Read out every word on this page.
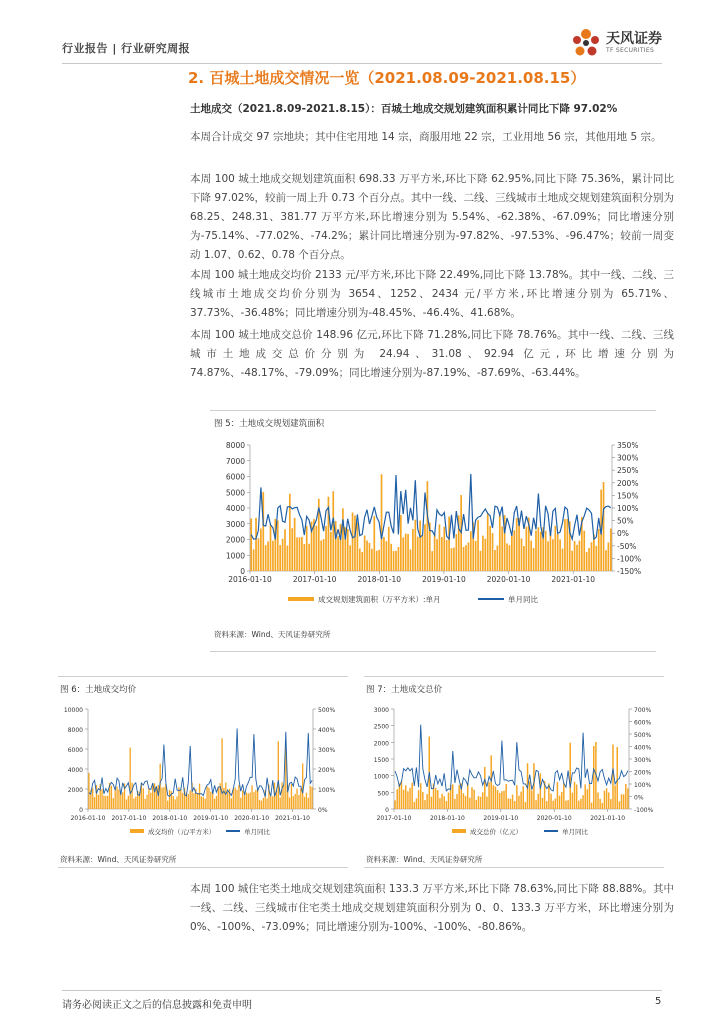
行业报告 | 行业研究周报
天风证券
TF SECURITIES
2. 百城土地成交情况一览（2021.08.09-2021.08.15）
土地成交（2021.8.09-2021.8.15）：百城土地成交规划建筑面积累计同比下降 97.02%
本周合计成交 97 宗地块；其中住宅用地 14 宗，商服用地 22 宗，工业用地 56 宗，其他用地 5 宗。
本周 100 城土地成交规划建筑面积 698.33 万平方米,环比下降 62.95%,同比下降 75.36%，累计同比下降 97.02%，较前一周上升 0.73 个百分点。其中一线、二线、三线城市土地成交规划建筑面积分别为 68.25、248.31、381.77 万平方米,环比增速分别为 5.54%、-62.38%、-67.09%；同比增速分别为-75.14%、-77.02%、-74.2%；累计同比增速分别为-97.82%、-97.53%、-96.47%；较前一周变动 1.07、0.62、0.78 个百分点。
本周 100 城土地成交均价 2133 元/平方米,环比下降 22.49%,同比下降 13.78%。其中一线、二线、三线城市土地成交均价分别为 3654、1252、2434 元/平方米,环比增速分别为 65.71%、37.73%、-36.48%；同比增速分别为-48.45%、-46.4%、41.68%。
本周 100 城土地成交总价 148.96 亿元,环比下降 71.28%,同比下降 78.76%。其中一线、二线、三线城市土地成交总价分别为 24.94、31.08、92.94 亿元,环比增速分别为 74.87%、-48.17%、-79.09%；同比增速分别为-87.19%、-87.69%、-63.44%。
图 5：土地成交规划建筑面积
0
1000
2000
3000
4000
5000
6000
7000
8000
-150%
-100%
-50%
0%
50%
100%
150%
200%
250%
300%
350%
2016-01-10	2017-01-10	2018-01-10	2019-01-10	2020-01-10	2021-01-10
成交规划建筑面积（万平方米）:单月	单月同比
资料来源：Wind、天风证券研究所
图 6：土地成交均价
0
2000
4000
6000
8000
10000
0%
100%
200%
300%
400%
500%
2016-01-10 2017-01-10 2018-01-10 2019-01-10 2020-01-10 2021-01-10
成交均价（元/平方米）	单月同比
资料来源：Wind、天风证券研究所
图 7：土地成交总价
0
500
1000
1500
2000
2500
3000
-100%
0%
100%
200%
300%
400%
500%
600%
700%
2017-01-10	2018-01-10	2019-01-10	2020-01-10	2021-01-10
成交总价（亿元）	单月同比
资料来源：Wind、天风证券研究所
本周 100 城住宅类土地成交规划建筑面积 133.3 万平方米,环比下降 78.63%,同比下降 88.88%。其中一线、二线、三线城市住宅类土地成交规划建筑面积分别为 0、0、133.3 万平方米，环比增速分别为 0%、-100%、-73.09%；同比增速分别为-100%、-100%、-80.86%。
请务必阅读正文之后的信息披露和免责申明	5
